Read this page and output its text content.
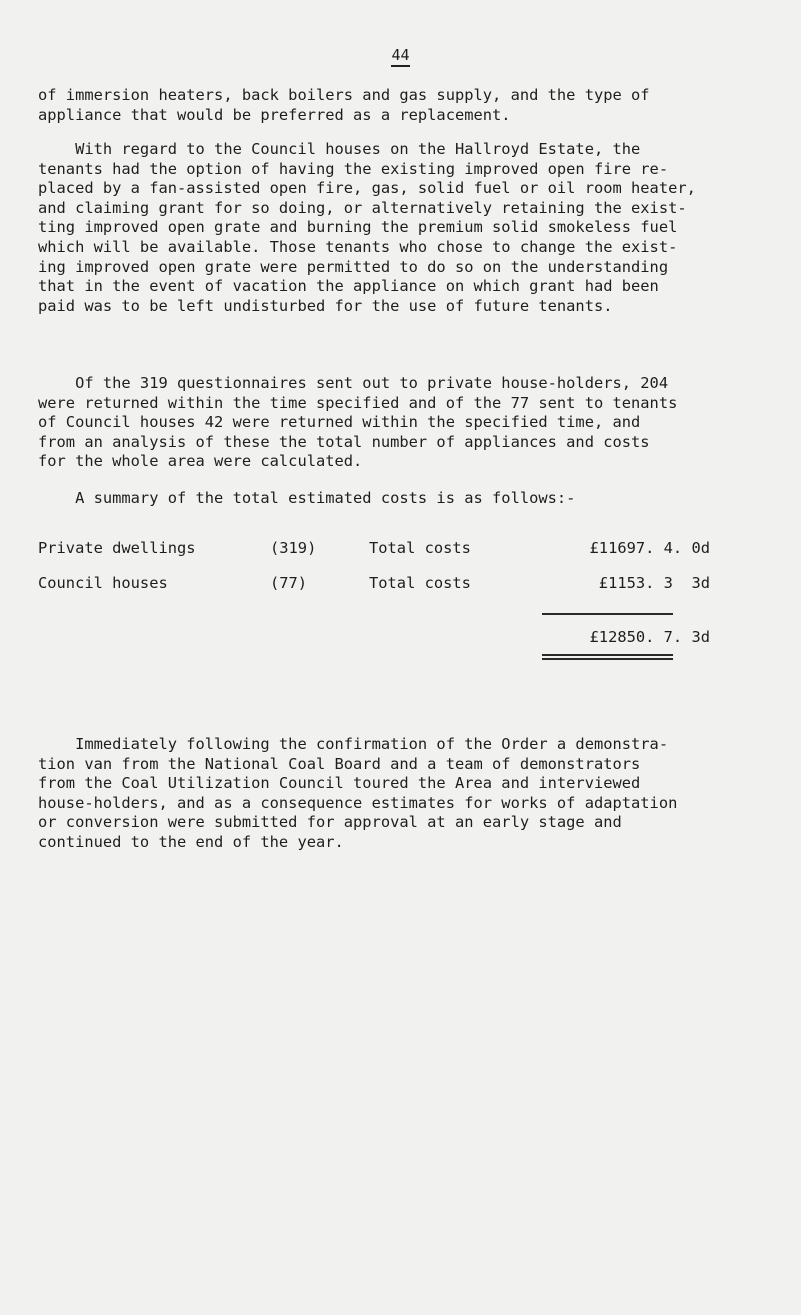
44

of immersion heaters, back boilers and gas supply, and the type of
appliance that would be preferred as a replacement.

With regard to the Council houses on the Hallroyd Estate, the
tenants had the option of having the existing improved open fire re-
placed by a fan-assisted open fire, gas, solid fuel or oil room heater,
and claiming grant for so doing, or alternatively retaining the exist-
ting improved open grate and burning the premium solid smokeless fuel
which will be available. Those tenants who chose to change the exist-
ing improved open grate were permitted to do so on the understanding
that in the event of vacation the appliance on which grant had been
paid was to be left undisturbed for the use of future tenants.

Of the 319 questionnaires sent out to private house-holders, 204
were returned within the time specified and of the 77 sent to tenants
of Council houses 42 were returned within the specified time, and
from an analysis of these the total number of appliances and costs
for the whole area were calculated.

A summary of the total estimated costs is as follows:-

Private dwellings	(319)	Total costs	£11697. 4. 0d
Council houses	(77)	Total costs	£1153. 3  3d
£12850. 7. 3d

Immediately following the confirmation of the Order a demonstra-
tion van from the National Coal Board and a team of demonstrators
from the Coal Utilization Council toured the Area and interviewed
house-holders, and as a consequence estimates for works of adaptation
or conversion were submitted for approval at an early stage and
continued to the end of the year.
